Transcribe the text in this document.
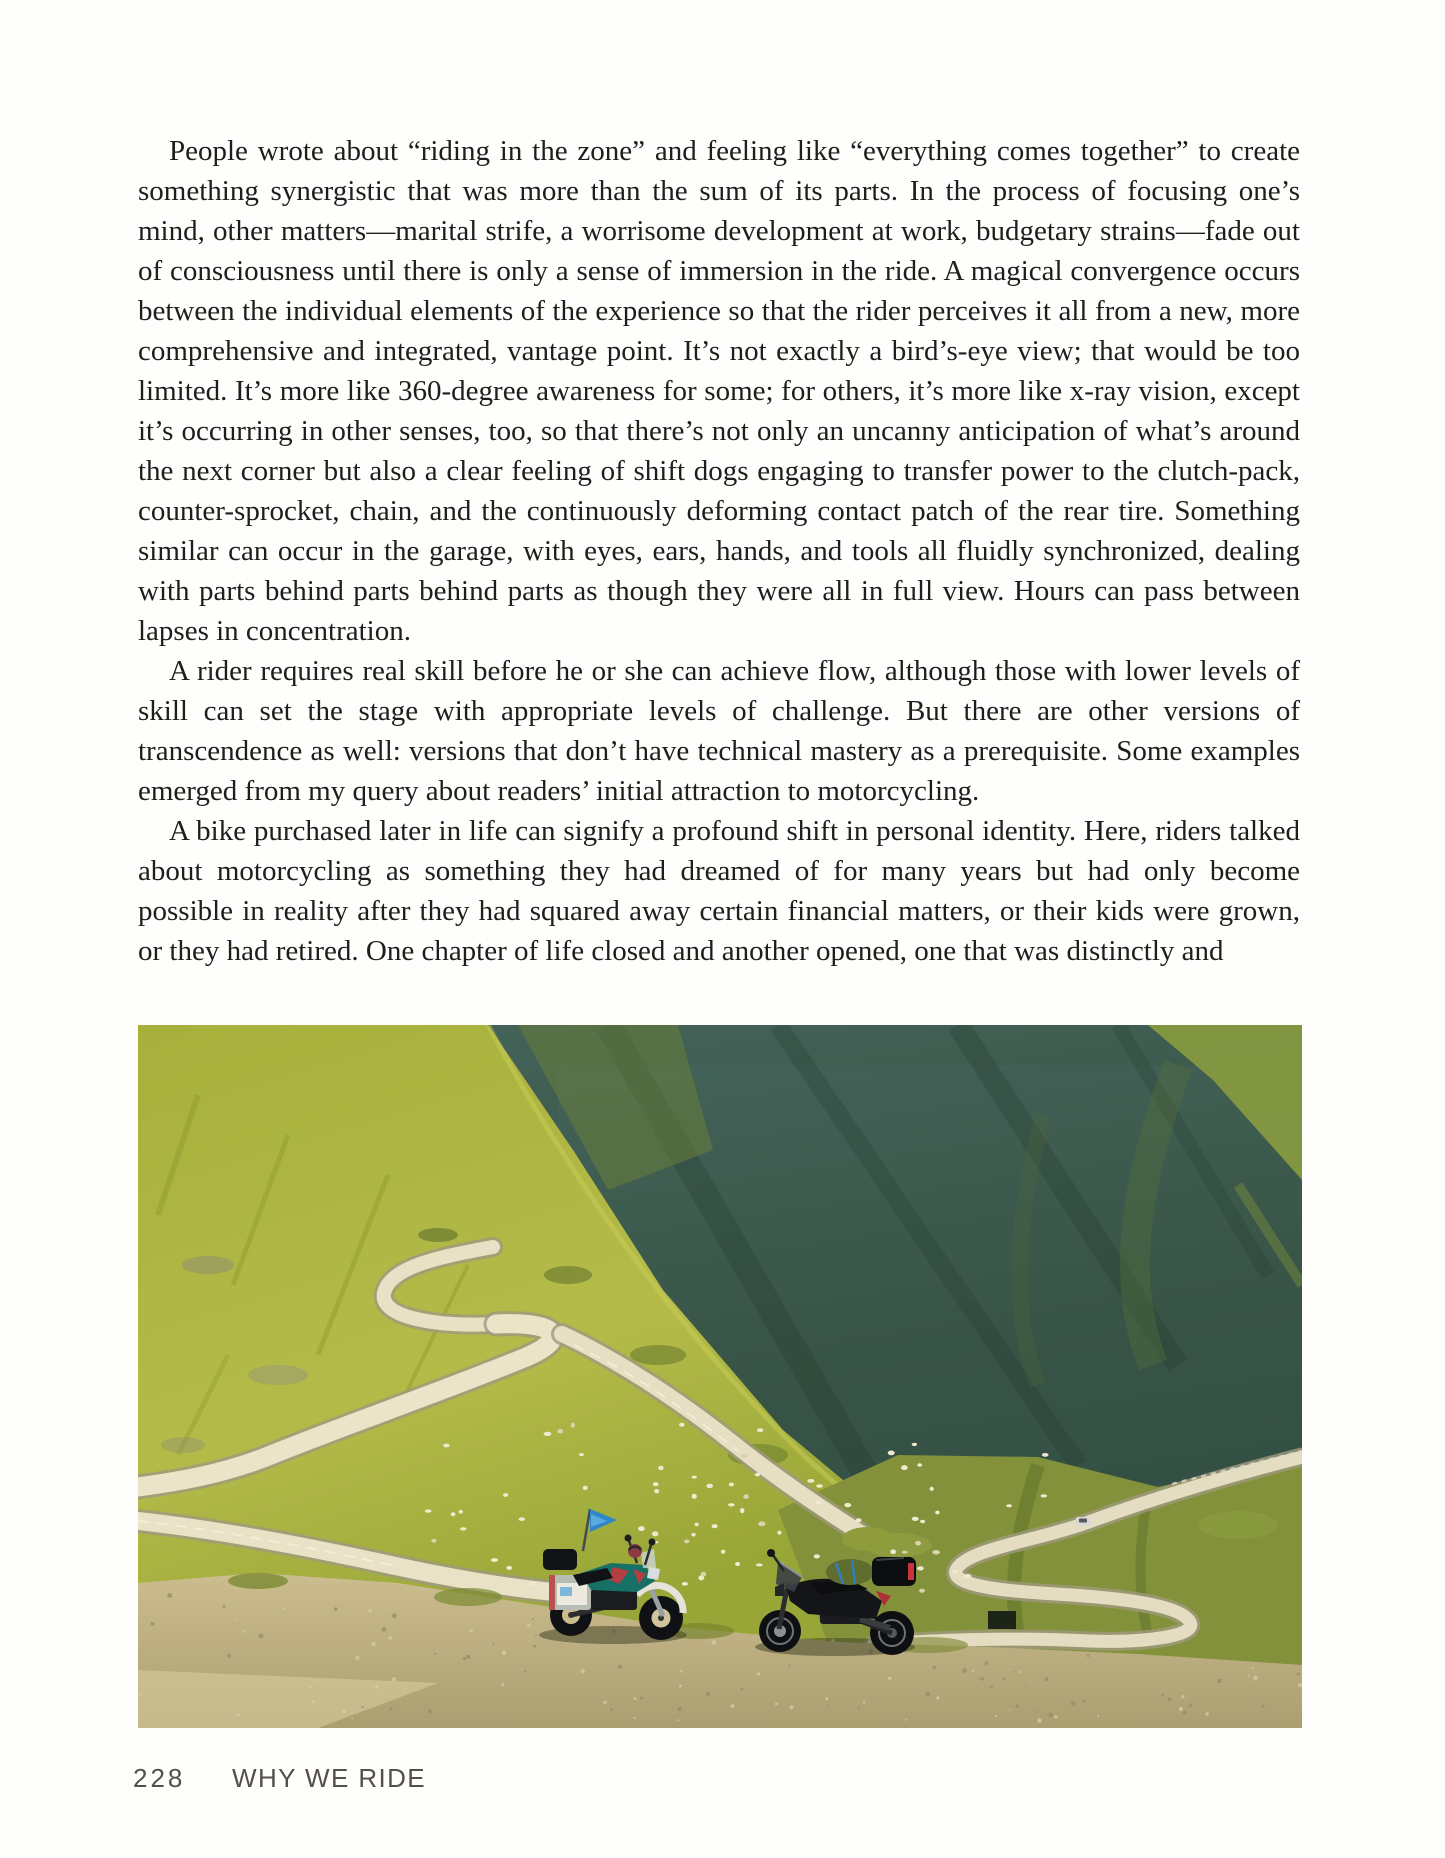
People wrote about “riding in the zone” and feeling like “everything comes together” to create something synergistic that was more than the sum of its parts. In the process of focusing one’s mind, other matters—marital strife, a worrisome development at work, budgetary strains—fade out of consciousness until there is only a sense of immersion in the ride. A magical convergence occurs between the individual elements of the experience so that the rider perceives it all from a new, more comprehensive and integrated, vantage point. It’s not exactly a bird’s-eye view; that would be too limited. It’s more like 360-degree awareness for some; for others, it’s more like x-ray vision, except it’s occurring in other senses, too, so that there’s not only an uncanny anticipation of what’s around the next corner but also a clear feeling of shift dogs engaging to transfer power to the clutch-pack, counter-sprocket, chain, and the continuously deforming contact patch of the rear tire. Something similar can occur in the garage, with eyes, ears, hands, and tools all fluidly synchronized, dealing with parts behind parts behind parts as though they were all in full view. Hours can pass between lapses in concentration.

A rider requires real skill before he or she can achieve flow, although those with lower levels of skill can set the stage with appropriate levels of challenge. But there are other versions of transcendence as well: versions that don’t have technical mastery as a prerequisite. Some examples emerged from my query about readers’ initial attraction to motorcycling.

A bike purchased later in life can signify a profound shift in personal identity. Here, riders talked about motorcycling as something they had dreamed of for many years but had only become possible in reality after they had squared away certain financial matters, or their kids were grown, or they had retired. One chapter of life closed and another opened, one that was distinctly and

228 WHY WE RIDE
